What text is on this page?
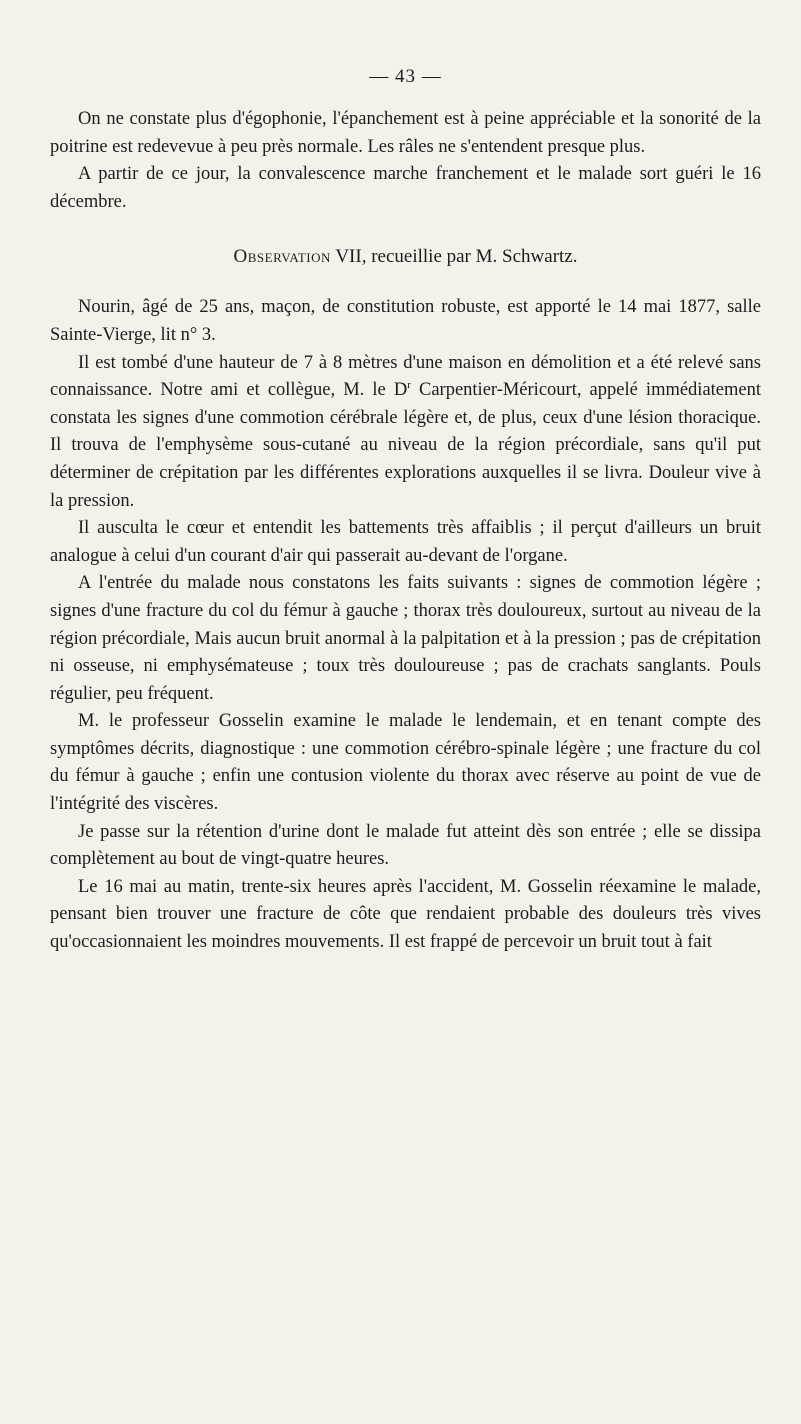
— 43 —

On ne constate plus d'égophonie, l'épanchement est à peine appréciable et la sonorité de la poitrine est redevevue à peu près normale. Les râles ne s'entendent presque plus.

A partir de ce jour, la convalescence marche franchement et le malade sort guéri le 16 décembre.

Observation VII, recueillie par M. Schwartz.

Nourin, âgé de 25 ans, maçon, de constitution robuste, est apporté le 14 mai 1877, salle Sainte-Vierge, lit n° 3.

Il est tombé d'une hauteur de 7 à 8 mètres d'une maison en démolition et a été relevé sans connaissance. Notre ami et collègue, M. le $D^r$ Carpentier-Méricourt, appelé immédiatement constata les signes d'une commotion cérébrale légère et, de plus, ceux d'une lésion thoracique. Il trouva de l'emphysème sous-cutané au niveau de la région précordiale, sans qu'il put déterminer de crépitation par les différentes explorations auxquelles il se livra. Douleur vive à la pression.

Il ausculta le cœur et entendit les battements très affaiblis ; il perçut d'ailleurs un bruit analogue à celui d'un courant d'air qui passerait au-devant de l'organe.

A l'entrée du malade nous constatons les faits suivants : signes de commotion légère ; signes d'une fracture du col du fémur à gauche ; thorax très douloureux, surtout au niveau de la région précordiale, Mais aucun bruit anormal à la palpitation et à la pression ; pas de crépitation ni osseuse, ni emphysémateuse ; toux très douloureuse ; pas de crachats sanglants. Pouls régulier, peu fréquent.

M. le professeur Gosselin examine le malade le lendemain, et en tenant compte des symptômes décrits, diagnostique : une commotion cérébro-spinale légère ; une fracture du col du fémur à gauche ; enfin une contusion violente du thorax avec réserve au point de vue de l'intégrité des viscères.

Je passe sur la rétention d'urine dont le malade fut atteint dès son entrée ; elle se dissipa complètement au bout de vingt-quatre heures.

Le 16 mai au matin, trente-six heures après l'accident, M. Gosselin réexamine le malade, pensant bien trouver une fracture de côte que rendaient probable des douleurs très vives qu'occasionnaient les moindres mouvements. Il est frappé de percevoir un bruit tout à fait
